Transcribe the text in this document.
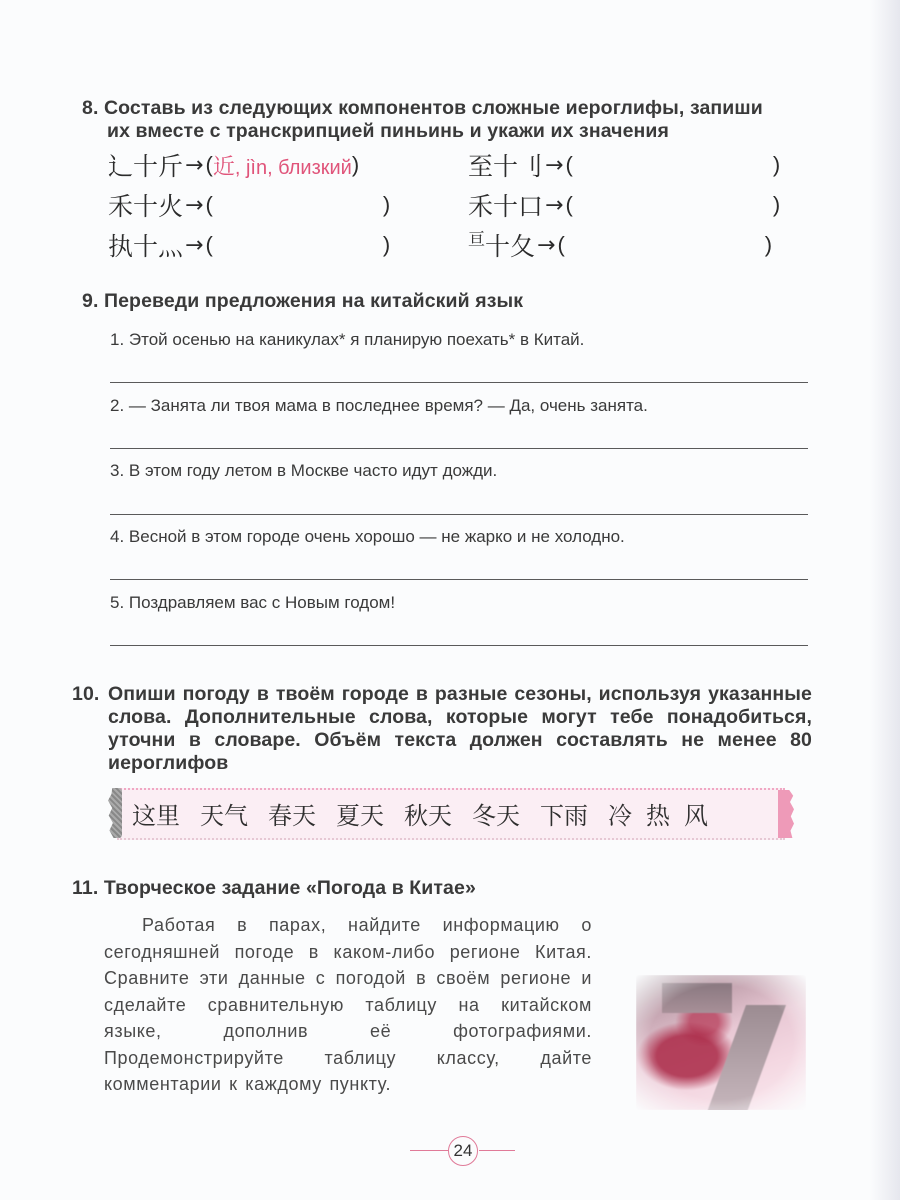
8. Составь из следующих компонентов сложные иероглифы, запиши
их вместе с транскрипцией пиньинь и укажи их значения
辶 十 斤 → ( 近, jìn, близкий )	至 十 刂 → (	)
禾 十 火 → (	)	禾 十 口 → (	)
执 十 灬 → (	)	亘 十 夂 → (	)
9. Переведи предложения на китайский язык
1. Этой осенью на каникулах* я планирую поехать* в Китай.
2. — Занята ли твоя мама в последнее время? — Да, очень занята.
3. В этом году летом в Москве часто идут дожди.
4. Весной в этом городе очень хорошо — не жарко и не холодно.
5. Поздравляем вас с Новым годом!

10. Опиши погоду в твоём городе в разные сезоны, используя указанные слова. Дополнительные слова, которые могут тебе понадобиться, уточни в словаре. Объём текста должен составлять не менее 80 иероглифов

这里 天气 春天 夏天 秋天 冬天 下雨 冷 热 风
11. Творческое задание «Погода в Китае»

Работая в парах, найдите информацию о сегодняшней погоде в каком-либо регионе Китая. Сравните эти данные с погодой в своём регионе и сделайте сравнительную таблицу на китайском языке, дополнив её фотографиями. Продемонстрируйте таблицу классу, дайте комментарии к каждому пункту.

24
